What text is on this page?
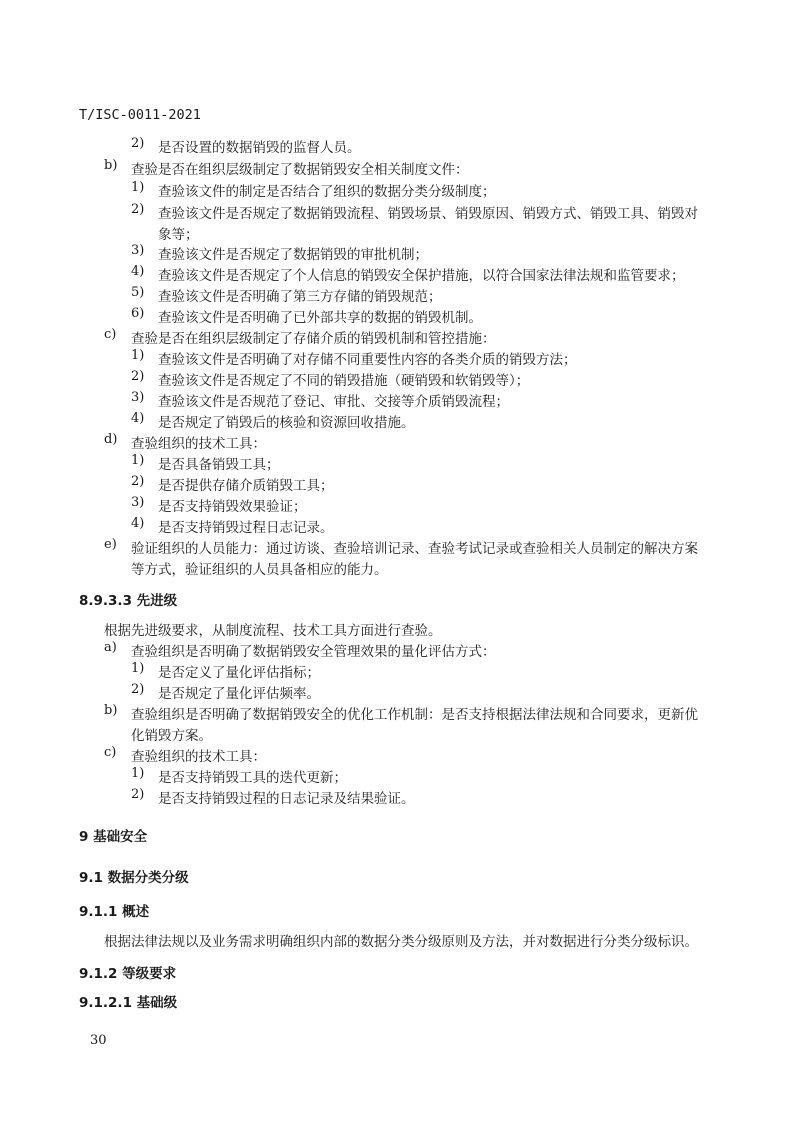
T/ISC-0011-2021
2) 是否设置的数据销毁的监督人员。
b) 查验是否在组织层级制定了数据销毁安全相关制度文件：
1) 查验该文件的制定是否结合了组织的数据分类分级制度；
2) 查验该文件是否规定了数据销毁流程、销毁场景、销毁原因、销毁方式、销毁工具、销毁对
象等；
3) 查验该文件是否规定了数据销毁的审批机制；
4) 查验该文件是否规定了个人信息的销毁安全保护措施，以符合国家法律法规和监管要求；
5) 查验该文件是否明确了第三方存储的销毁规范；
6) 查验该文件是否明确了已外部共享的数据的销毁机制。
c) 查验是否在组织层级制定了存储介质的销毁机制和管控措施：
1) 查验该文件是否明确了对存储不同重要性内容的各类介质的销毁方法；
2) 查验该文件是否规定了不同的销毁措施（硬销毁和软销毁等）；
3) 查验该文件是否规范了登记、审批、交接等介质销毁流程；
4) 是否规定了销毁后的核验和资源回收措施。
d) 查验组织的技术工具：
1) 是否具备销毁工具；
2) 是否提供存储介质销毁工具；
3) 是否支持销毁效果验证；
4) 是否支持销毁过程日志记录。
e) 验证组织的人员能力：通过访谈、查验培训记录、查验考试记录或查验相关人员制定的解决方案
等方式，验证组织的人员具备相应的能力。
8.9.3.3 先进级
根据先进级要求，从制度流程、技术工具方面进行查验。
a) 查验组织是否明确了数据销毁安全管理效果的量化评估方式：
1) 是否定义了量化评估指标；
2) 是否规定了量化评估频率。
b) 查验组织是否明确了数据销毁安全的优化工作机制：是否支持根据法律法规和合同要求，更新优
化销毁方案。
c) 查验组织的技术工具：
1) 是否支持销毁工具的迭代更新；
2) 是否支持销毁过程的日志记录及结果验证。
9 基础安全
9.1 数据分类分级
9.1.1 概述
根据法律法规以及业务需求明确组织内部的数据分类分级原则及方法，并对数据进行分类分级标识。
9.1.2 等级要求
9.1.2.1 基础级
30
